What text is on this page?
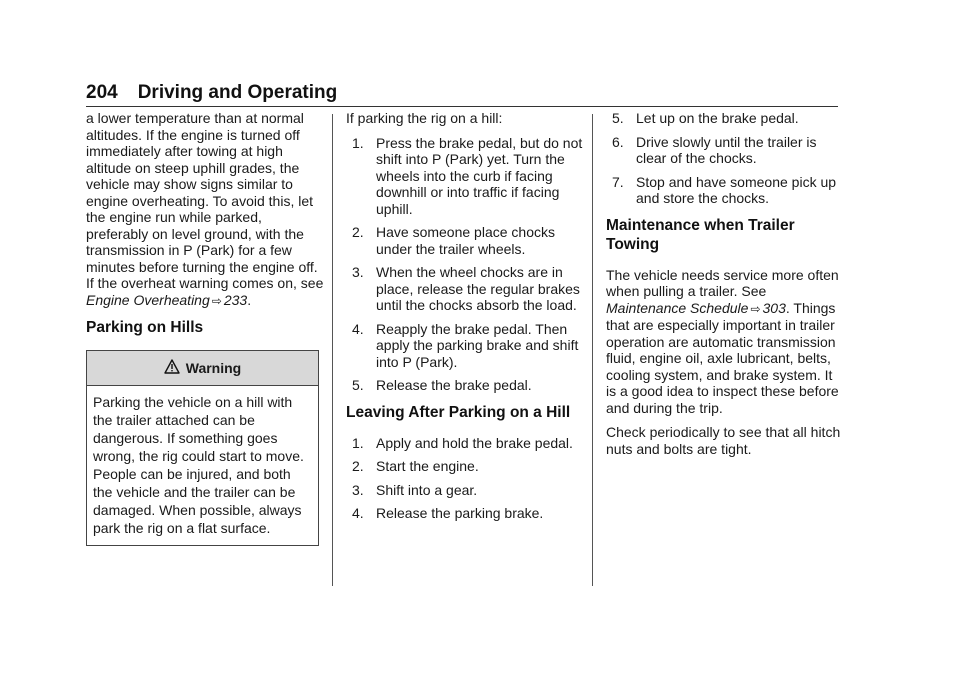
204 Driving and Operating

a lower temperature than at normal altitudes. If the engine is turned off immediately after towing at high altitude on steep uphill grades, the vehicle may show signs similar to engine overheating. To avoid this, let the engine run while parked, preferably on level ground, with the transmission in P (Park) for a few minutes before turning the engine off. If the overheat warning comes on, see Engine Overheating ⇨ 233.

Parking on Hills
Warning
Parking the vehicle on a hill with the trailer attached can be dangerous. If something goes wrong, the rig could start to move. People can be injured, and both the vehicle and the trailer can be damaged. When possible, always park the rig on a flat surface.

If parking the rig on a hill:

1. Press the brake pedal, but do not shift into P (Park) yet. Turn the wheels into the curb if facing downhill or into traffic if facing uphill.
2. Have someone place chocks under the trailer wheels.
3. When the wheel chocks are in place, release the regular brakes until the chocks absorb the load.
4. Reapply the brake pedal. Then apply the parking brake and shift into P (Park).
5. Release the brake pedal.
Leaving After Parking on a Hill
1. Apply and hold the brake pedal.
2. Start the engine.
3. Shift into a gear.
4. Release the parking brake.
5. Let up on the brake pedal.
6. Drive slowly until the trailer is clear of the chocks.
7. Stop and have someone pick up and store the chocks.
Maintenance when Trailer Towing

The vehicle needs service more often when pulling a trailer. See Maintenance Schedule ⇨ 303. Things that are especially important in trailer operation are automatic transmission fluid, engine oil, axle lubricant, belts, cooling system, and brake system. It is a good idea to inspect these before and during the trip.

Check periodically to see that all hitch nuts and bolts are tight.
